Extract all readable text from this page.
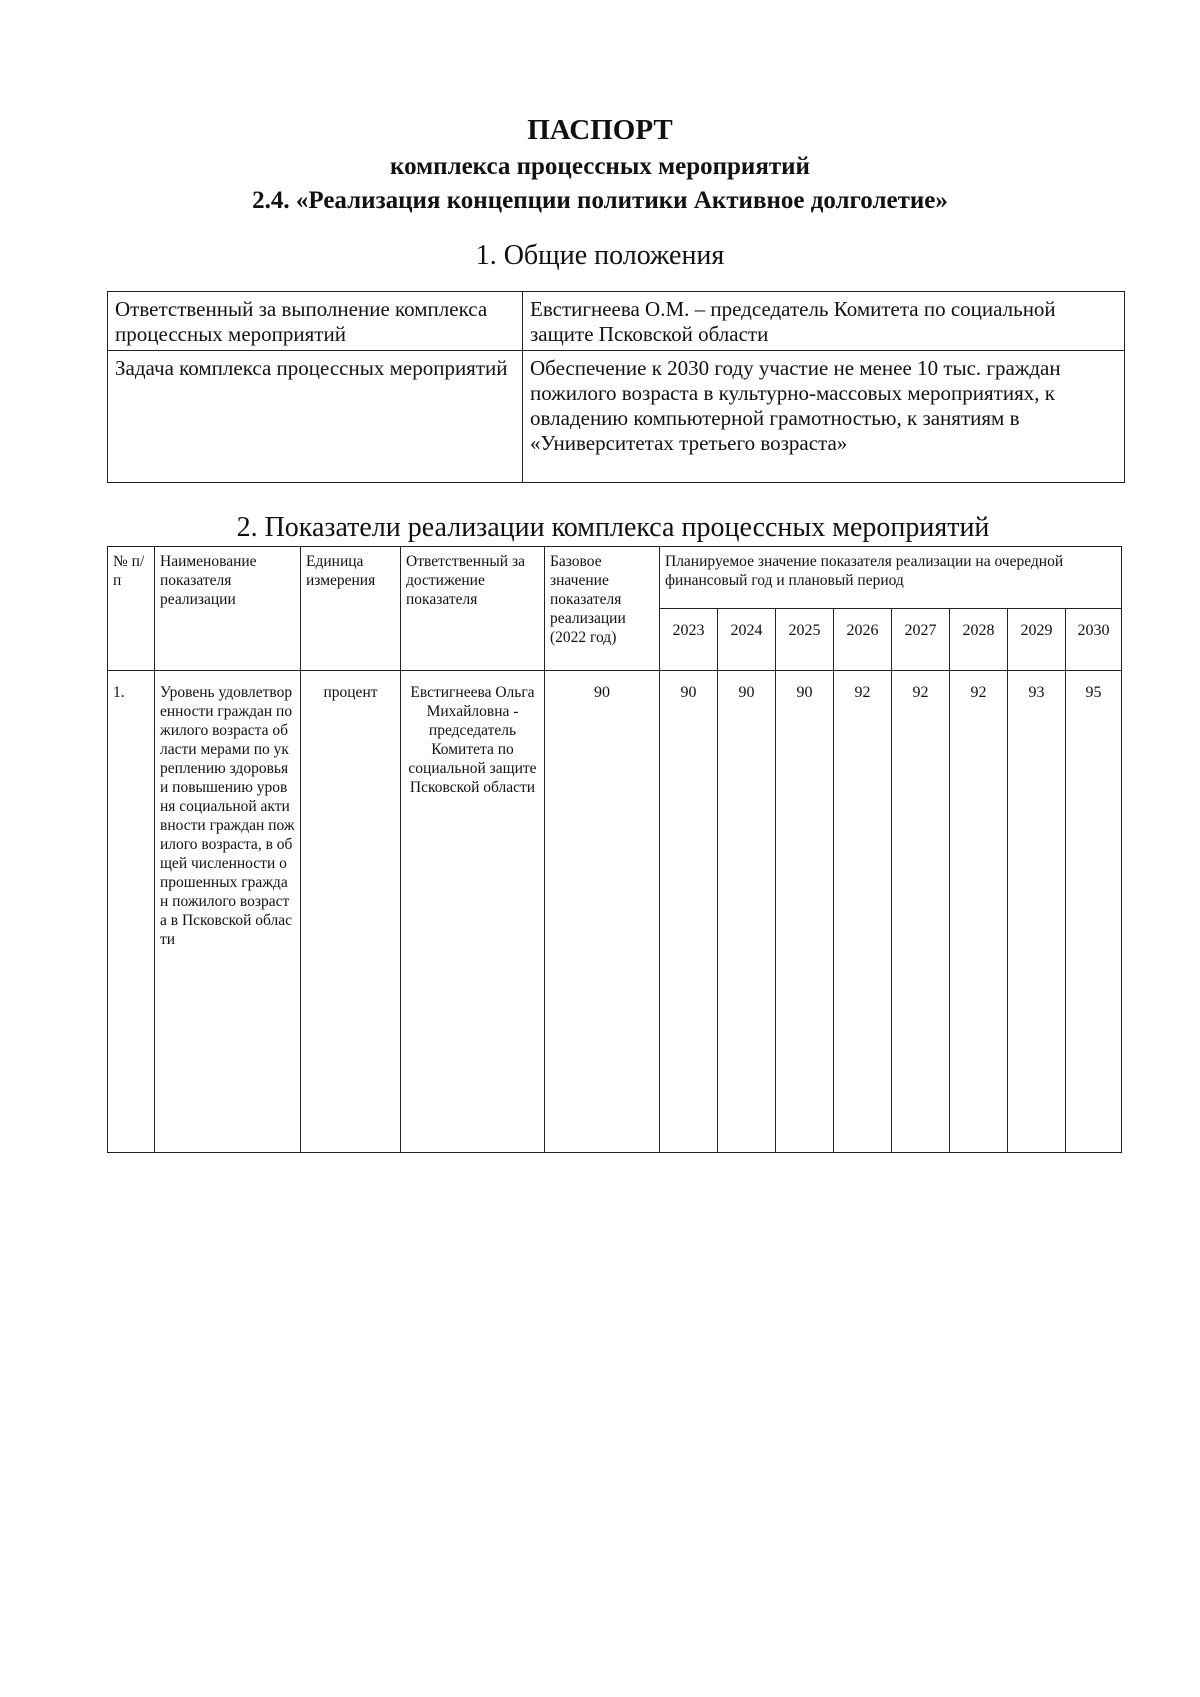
ПАСПОРТ
комплекса процессных мероприятий
2.4. «Реализация концепции политики Активное долголетие»
1. Общие положения
Ответственный за выполнение комплекса процессных мероприятий	Евстигнеева О.М. – председатель Комитета по социальной защите Псковской области
Задача комплекса процессных мероприятий	Обеспечение к 2030 году участие не менее 10 тыс. граждан пожилого возраста в культурно-массовых мероприятиях, к овладению компьютерной грамотностью, к занятиям в «Университетах третьего возраста»
2. Показатели реализации комплекса процессных мероприятий
№ п/п	Наименование показателя реализации	Единица измерения	Ответственный за достижение показателя	Базовое значение показателя реализации (2022 год)	Планируемое значение показателя реализации на очередной финансовый год и плановый период							
					2023	2024	2025	2026	2027	2028	2029	2030
1.	Уровень удовлетворенности граждан пожилого возраста области мерами по укреплению здоровья и повышению уровня социальной активности граждан пожилого возраста, в общей численности опрошенных граждан пожилого возраста в Псковской области	процент	Евстигнеева Ольга Михайловна - председатель Комитета по социальной защите Псковской области	90	90	90	90	92	92	92	93	95
